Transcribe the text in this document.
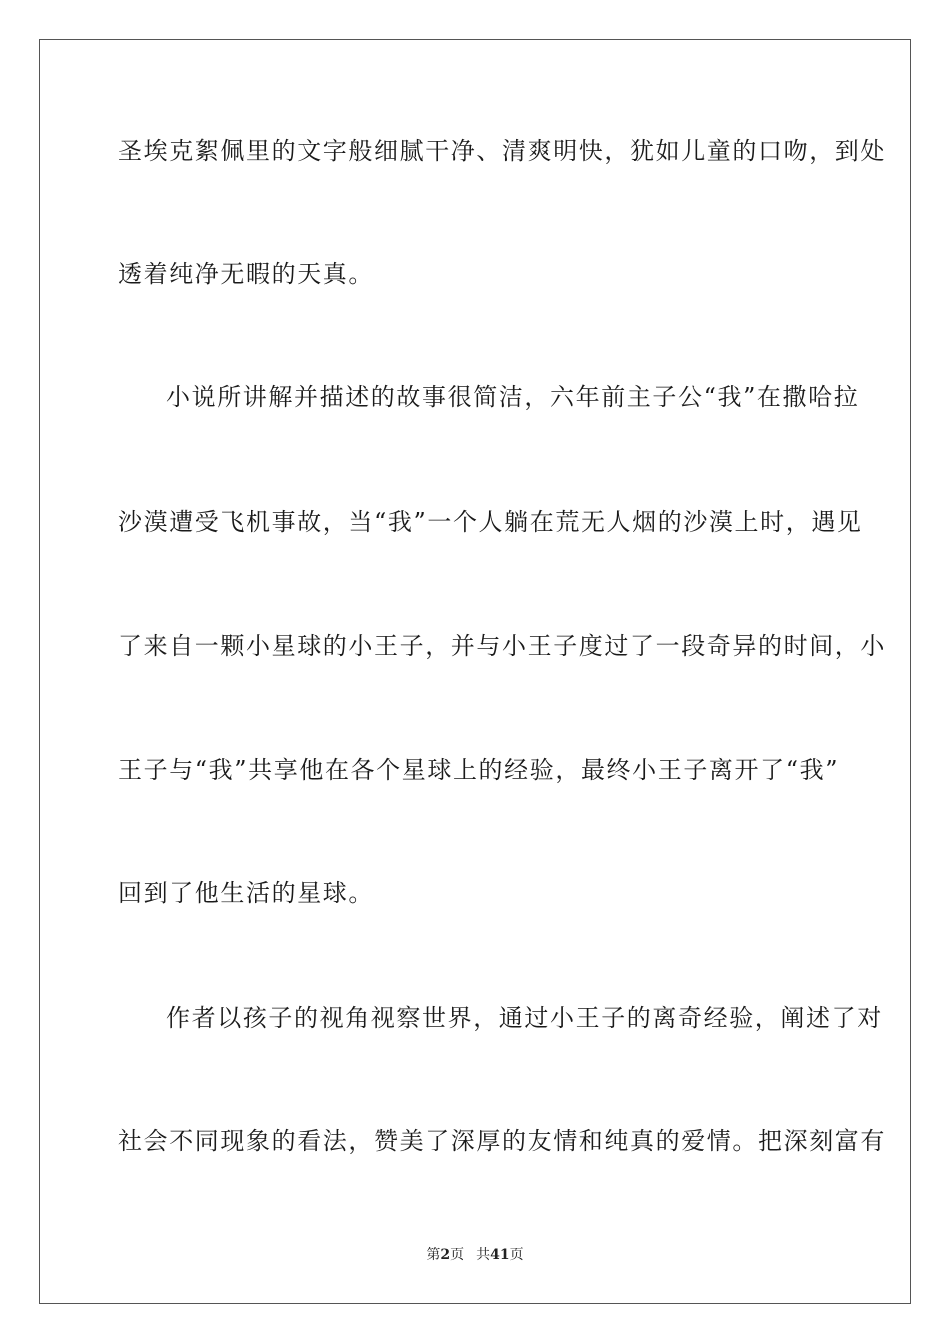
圣埃克絮佩里的文字般细腻干净、清爽明快，犹如儿童的口吻，到处
透着纯净无暇的天真。
小说所讲解并描述的故事很简洁，六年前主子公“我”在撒哈拉
沙漠遭受飞机事故，当“我”一个人躺在荒无人烟的沙漠上时，遇见
了来自一颗小星球的小王子，并与小王子度过了一段奇异的时间，小
王子与“我”共享他在各个星球上的经验，最终小王子离开了“我”
回到了他生活的星球。
作者以孩子的视角视察世界，通过小王子的离奇经验，阐述了对
社会不同现象的看法，赞美了深厚的友情和纯真的爱情。把深刻富有
第2页 共41页
